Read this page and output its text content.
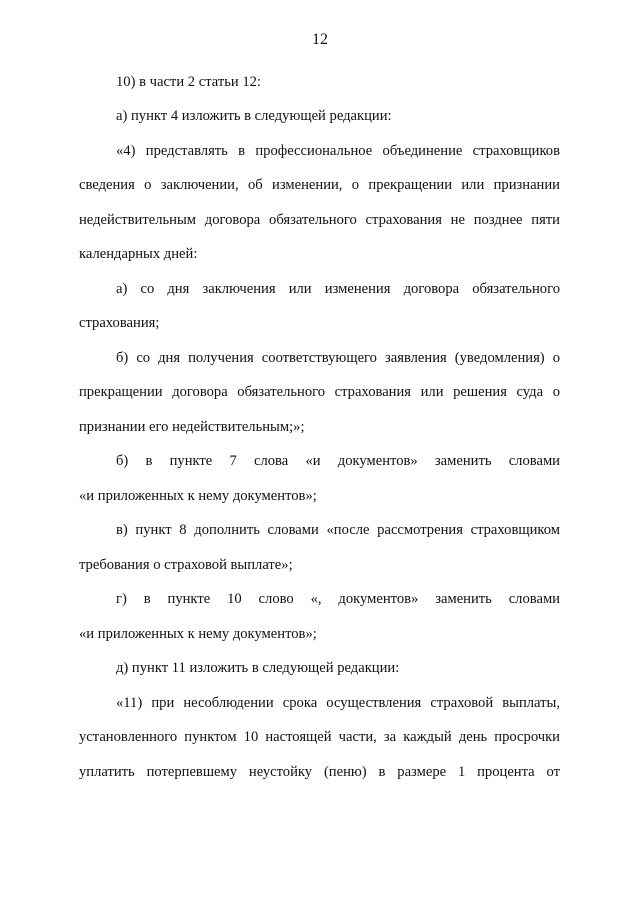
12
10) в части 2 статьи 12:
а) пункт 4 изложить в следующей редакции:
«4) представлять в профессиональное объединение страховщиков
сведения о заключении, об изменении, о прекращении или признании
недействительным договора обязательного страхования не позднее пяти
календарных дней:
а) со дня заключения или изменения договора обязательного
страхования;
б) со дня получения соответствующего заявления (уведомления) о
прекращении договора обязательного страхования или решения суда о
признании его недействительным;»;
б) в пункте 7 слова «и документов» заменить словами
«и приложенных к нему документов»;
в) пункт 8 дополнить словами «после рассмотрения страховщиком
требования о страховой выплате»;
г) в пункте 10 слово «, документов» заменить словами
«и приложенных к нему документов»;
д) пункт 11 изложить в следующей редакции:
«11) при несоблюдении срока осуществления страховой выплаты,
установленного пунктом 10 настоящей части, за каждый день просрочки
уплатить потерпевшему неустойку (пеню) в размере 1 процента от
